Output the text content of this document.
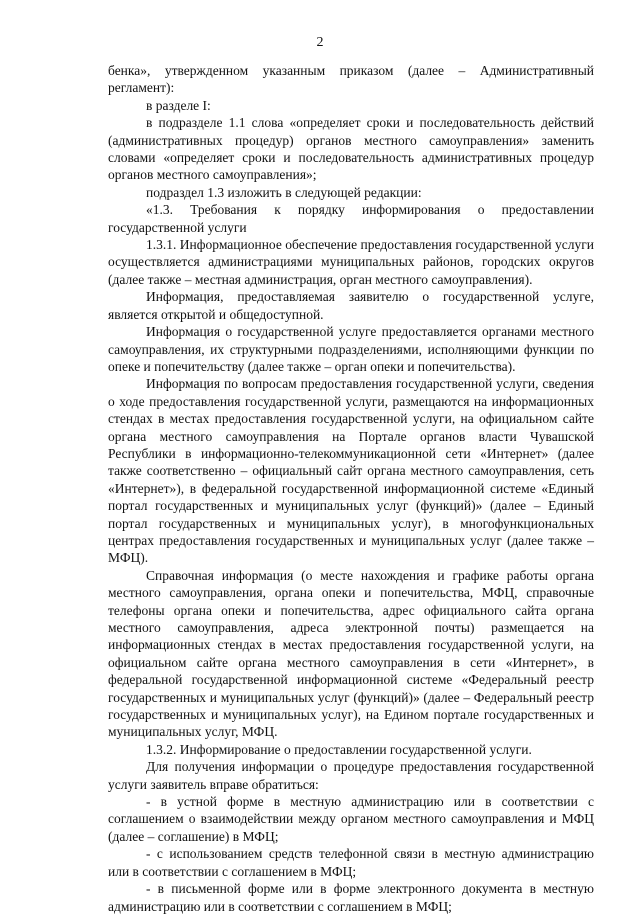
2

бенка», утвержденном указанным приказом (далее – Административный регламент):

в разделе I:

в подразделе 1.1 слова «определяет сроки и последовательность действий (административных процедур) органов местного самоуправления» заменить словами «определяет сроки и последовательность административных процедур органов местного самоуправления»;

подраздел 1.3 изложить в следующей редакции:

«1.3. Требования к порядку информирования о предоставлении государственной услуги

1.3.1. Информационное обеспечение предоставления государственной услуги осуществляется администрациями муниципальных районов, городских округов (далее также – местная администрация, орган местного самоуправления).

Информация, предоставляемая заявителю о государственной услуге, является открытой и общедоступной.

Информация о государственной услуге предоставляется органами местного самоуправления, их структурными подразделениями, исполняющими функции по опеке и попечительству (далее также – орган опеки и попечительства).

Информация по вопросам предоставления государственной услуги, сведения о ходе предоставления государственной услуги, размещаются на информационных стендах в местах предоставления государственной услуги, на официальном сайте органа местного самоуправления на Портале органов власти Чувашской Республики в информационно-телекоммуникационной сети «Интернет» (далее также соответственно – официальный сайт органа местного самоуправления, сеть «Интернет»), в федеральной государственной информационной системе «Единый портал государственных и муниципальных услуг (функций)» (далее – Единый портал государственных и муниципальных услуг), в многофункциональных центрах предоставления государственных и муниципальных услуг (далее также – МФЦ).

Справочная информация (о месте нахождения и графике работы органа местного самоуправления, органа опеки и попечительства, МФЦ, справочные телефоны органа опеки и попечительства, адрес официального сайта органа местного самоуправления, адреса электронной почты) размещается на информационных стендах в местах предоставления государственной услуги, на официальном сайте органа местного самоуправления в сети «Интернет», в федеральной государственной информационной системе «Федеральный реестр государственных и муниципальных услуг (функций)» (далее – Федеральный реестр государственных и муниципальных услуг), на Едином портале государственных и муниципальных услуг, МФЦ.

1.3.2. Информирование о предоставлении государственной услуги.

Для получения информации о процедуре предоставления государственной услуги заявитель вправе обратиться:

- в устной форме в местную администрацию или в соответствии с соглашением о взаимодействии между органом местного самоуправления и МФЦ (далее – соглашение) в МФЦ;

- с использованием средств телефонной связи в местную администрацию или в соответствии с соглашением в МФЦ;

- в письменной форме или в форме электронного документа в местную администрацию или в соответствии с соглашением в МФЦ;
